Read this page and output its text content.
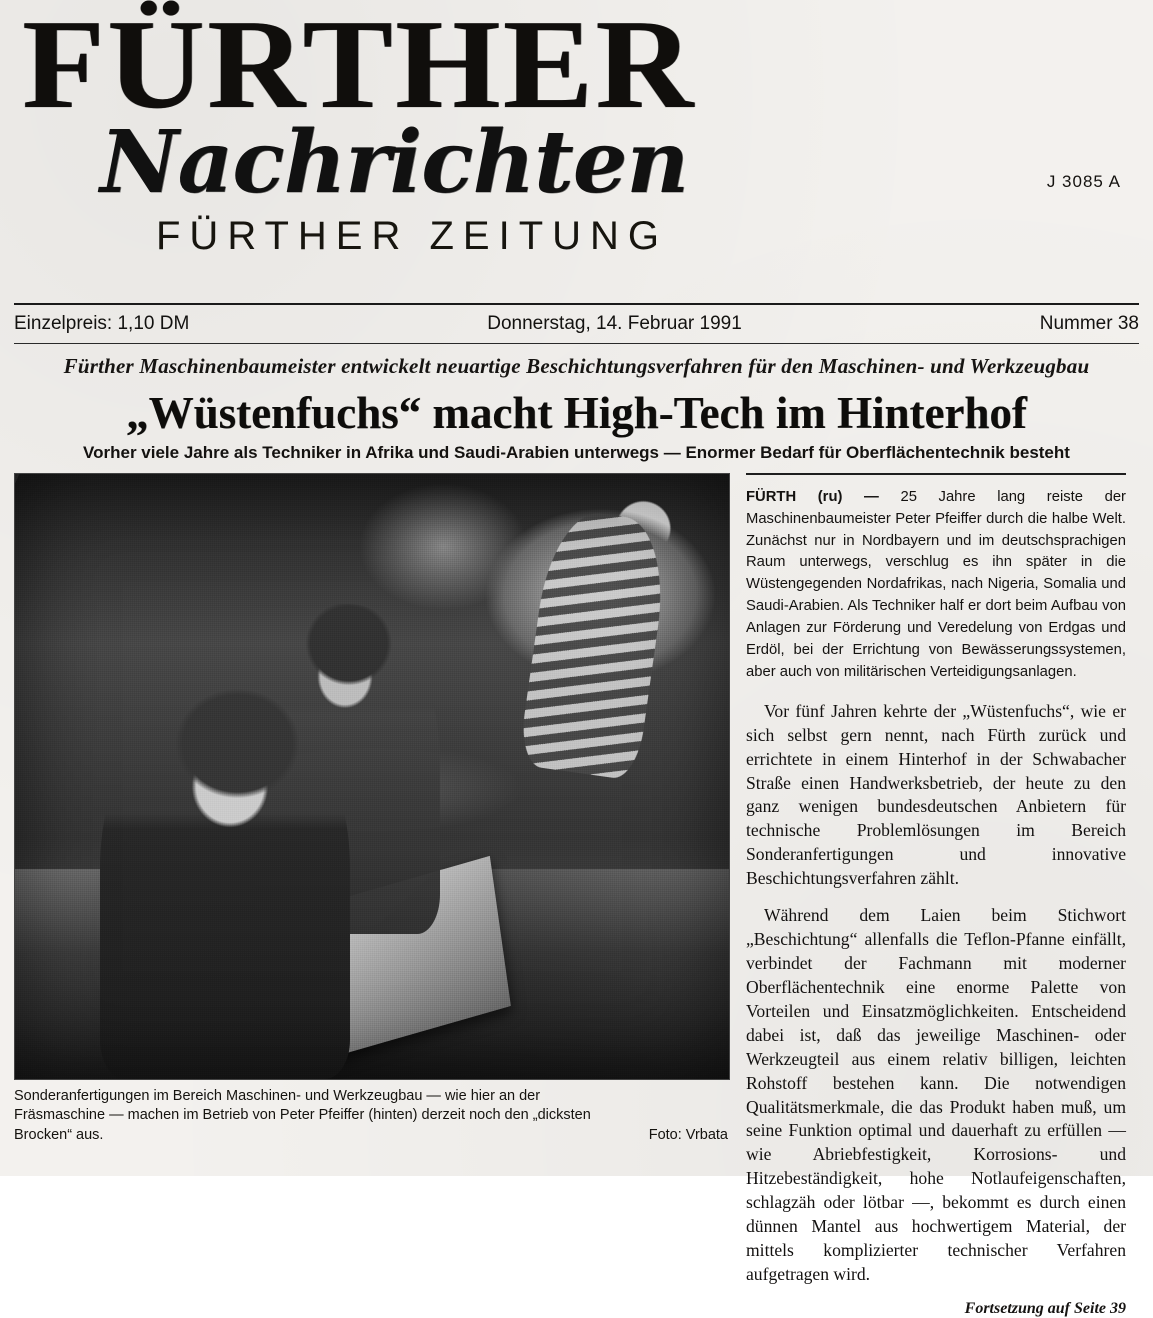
FÜRTHER
Nachrichten
FÜRTHER ZEITUNG
J 3085 A
Einzelpreis: 1,10 DM	Donnerstag, 14. Februar 1991	Nummer 38
Fürther Maschinenbaumeister entwickelt neuartige Beschichtungsverfahren für den Maschinen- und Werkzeugbau
„Wüstenfuchs“ macht High-Tech im Hinterhof
Vorher viele Jahre als Techniker in Afrika und Saudi-Arabien unterwegs — Enormer Bedarf für Oberflächentechnik besteht
Sonderanfertigungen im Bereich Maschinen- und Werkzeugbau — wie hier an der Fräsmaschine — machen im Betrieb von Peter Pfeiffer (hinten) derzeit noch den „dicksten Brocken“ aus.	Foto: Vrbata

FÜRTH (ru) — 25 Jahre lang reiste der Maschinenbaumeister Peter Pfeiffer durch die halbe Welt. Zunächst nur in Nordbayern und im deutschsprachigen Raum unterwegs, verschlug es ihn später in die Wüstengegenden Nordafrikas, nach Nigeria, Somalia und Saudi-Arabien. Als Techniker half er dort beim Aufbau von Anlagen zur Förderung und Veredelung von Erdgas und Erdöl, bei der Errichtung von Bewässerungssystemen, aber auch von militärischen Verteidigungsanlagen.

Vor fünf Jahren kehrte der „Wüstenfuchs“, wie er sich selbst gern nennt, nach Fürth zurück und errichtete in einem Hinterhof in der Schwabacher Straße einen Handwerksbetrieb, der heute zu den ganz wenigen bundesdeutschen Anbietern für technische Problemlösungen im Bereich Sonderanfertigungen und innovative Beschichtungsverfahren zählt.

Während dem Laien beim Stichwort „Beschichtung“ allenfalls die Teflon-Pfanne einfällt, verbindet der Fachmann mit moderner Oberflächentechnik eine enorme Palette von Vorteilen und Einsatzmöglichkeiten. Entscheidend dabei ist, daß das jeweilige Maschinen- oder Werkzeugteil aus einem relativ billigen, leichten Rohstoff bestehen kann. Die notwendigen Qualitätsmerkmale, die das Produkt haben muß, um seine Funktion optimal und dauerhaft zu erfüllen — wie Abriebfestigkeit, Korrosions- und Hitzebeständigkeit, hohe Notlaufeigenschaften, schlagzäh oder lötbar —, bekommt es durch einen dünnen Mantel aus hochwertigem Material, der mittels komplizierter technischer Verfahren aufgetragen wird.

Fortsetzung auf Seite 39
